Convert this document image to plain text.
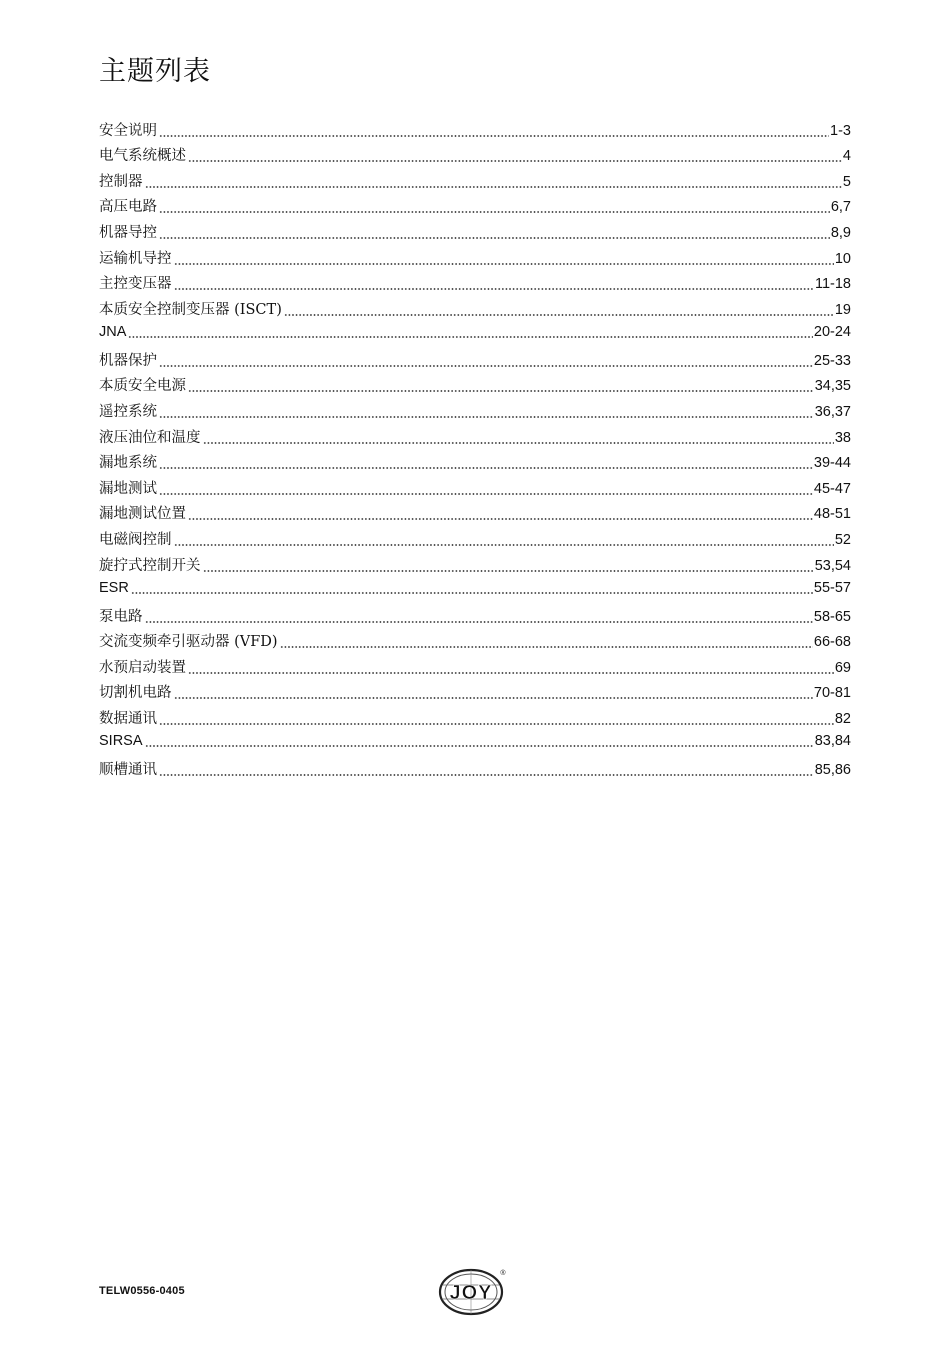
主题列表
安全说明	1-3
电气系统概述	4
控制器	5
高压电路	6,7
机器导控	8,9
运输机导控	10
主控变压器	11-18
本质安全控制变压器 (ISCT)	19
JNA	20-24
机器保护	25-33
本质安全电源	34,35
遥控系统	36,37
液压油位和温度	38
漏地系统	39-44
漏地测试	45-47
漏地测试位置	48-51
电磁阀控制	52
旋拧式控制开关	53,54
ESR	55-57
泵电路	58-65
交流变频牵引驱动器 (VFD)	66-68
水预启动装置	69
切割机电路	70-81
数据通讯	82
SIRSA	83,84
顺槽通讯	85,86
TELW0556-0405	JOY
®
